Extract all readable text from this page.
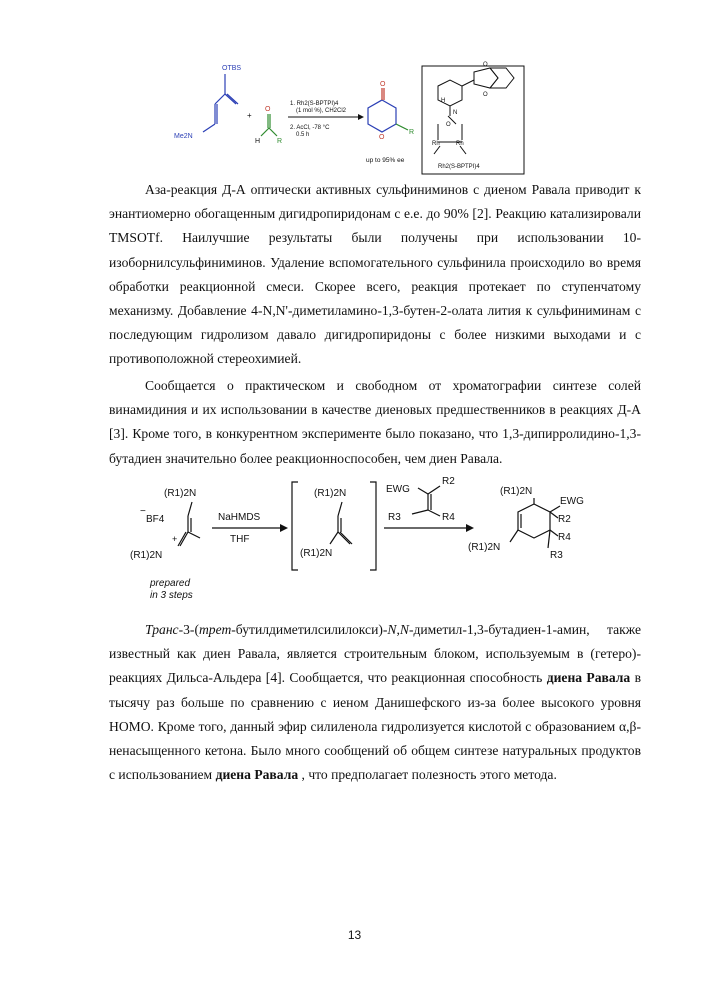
OTBS
Me2N
+
O
H R
1. Rh2(S-BPTPI)4
(1 mol %), CH2Cl2
2. AcCl, -78 °C
0.5 h
O
O
R
up to 95% ee
H
N
O
O
O
Rh	Rh
Rh2(S-BPTPI)4
Аза-реакция Д-А оптически активных сульфиниминов с диеном Равала приводит к энантиомерно обогащенным дигидропиридонам с е.е. до 90% [2]. Реакцию катализировали TMSOTf. Наилучшие результаты были получены при использовании 10-изоборнилсульфиниминов. Удаление вспомогательного сульфинила происходило во время обработки реакционной смеси. Скорее всего, реакция протекает по ступенчатому механизму. Добавление 4-N,N'-диметиламино-1,3-бутен-2-олата лития к сульфиниминам с последующим гидролизом давало дигидропиридоны с более низкими выходами и с противоположной стереохимией.
Сообщается о практическом и свободном от хроматографии синтезе солей винамидиния и их использовании в качестве диеновых предшественников в реакциях Д-А [3]. Кроме того, в конкурентном эксперименте было показано, что 1,3-дипирролидино-1,3-бутадиен значительно более реакционноспособен, чем диен Равала.
−
BF4
+
(R1)2N
(R1)2N
NaHMDS
THF
(R1)2N
(R1)2N
EWG
R2
R3	R4
(R1)2N
EWG
R2
R4
R3
(R1)2N
prepared
in 3 steps
Транс-3-(трет-бутилдиметилсилилокси)-N,N-диметил-1,3-бутадиен-1-амин, также известный как диен Равала, является строительным блоком, используемым в (гетеро)-реакциях Дильса-Альдера [4]. Сообщается, что реакционная способность диена Равала в тысячу раз больше по сравнению с иеном Данишефского из-за более высокого уровня HOMO. Кроме того, данный эфир силиленола гидролизуется кислотой с образованием α,β-ненасыщенного кетона. Было много сообщений об общем синтезе натуральных продуктов с использованием диена Равала , что предполагает полезность этого метода.
13
